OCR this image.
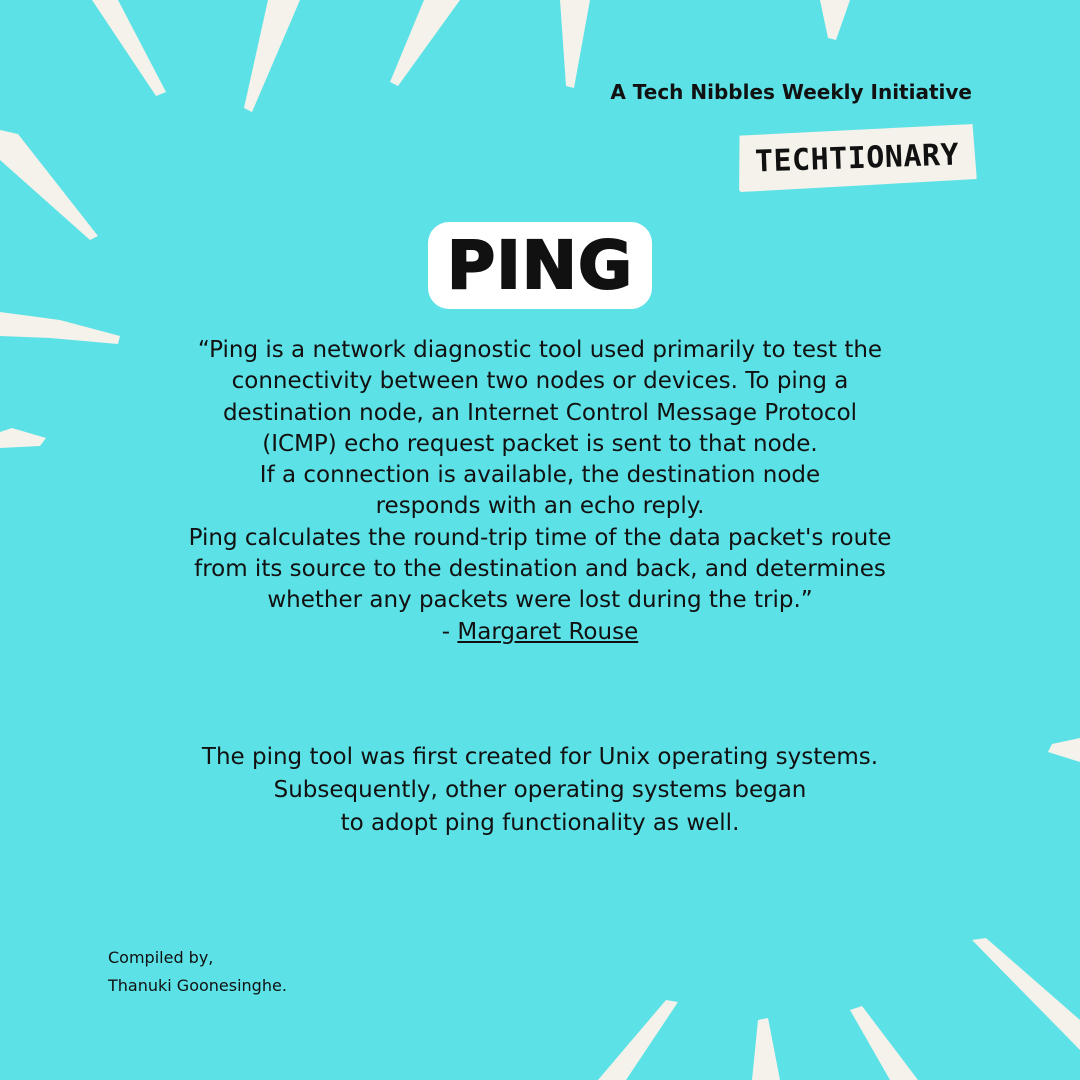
A Tech Nibbles Weekly Initiative
TECHTIONARY
PING
“Ping is a network diagnostic tool used primarily to test the
connectivity between two nodes or devices. To ping a
destination node, an Internet Control Message Protocol
(ICMP) echo request packet is sent to that node.
If a connection is available, the destination node
responds with an echo reply.
Ping calculates the round-trip time of the data packet's route
from its source to the destination and back, and determines
whether any packets were lost during the trip.”
- Margaret Rouse
The ping tool was first created for Unix operating systems.
Subsequently, other operating systems began
to adopt ping functionality as well.
Compiled by,
Thanuki Goonesinghe.
